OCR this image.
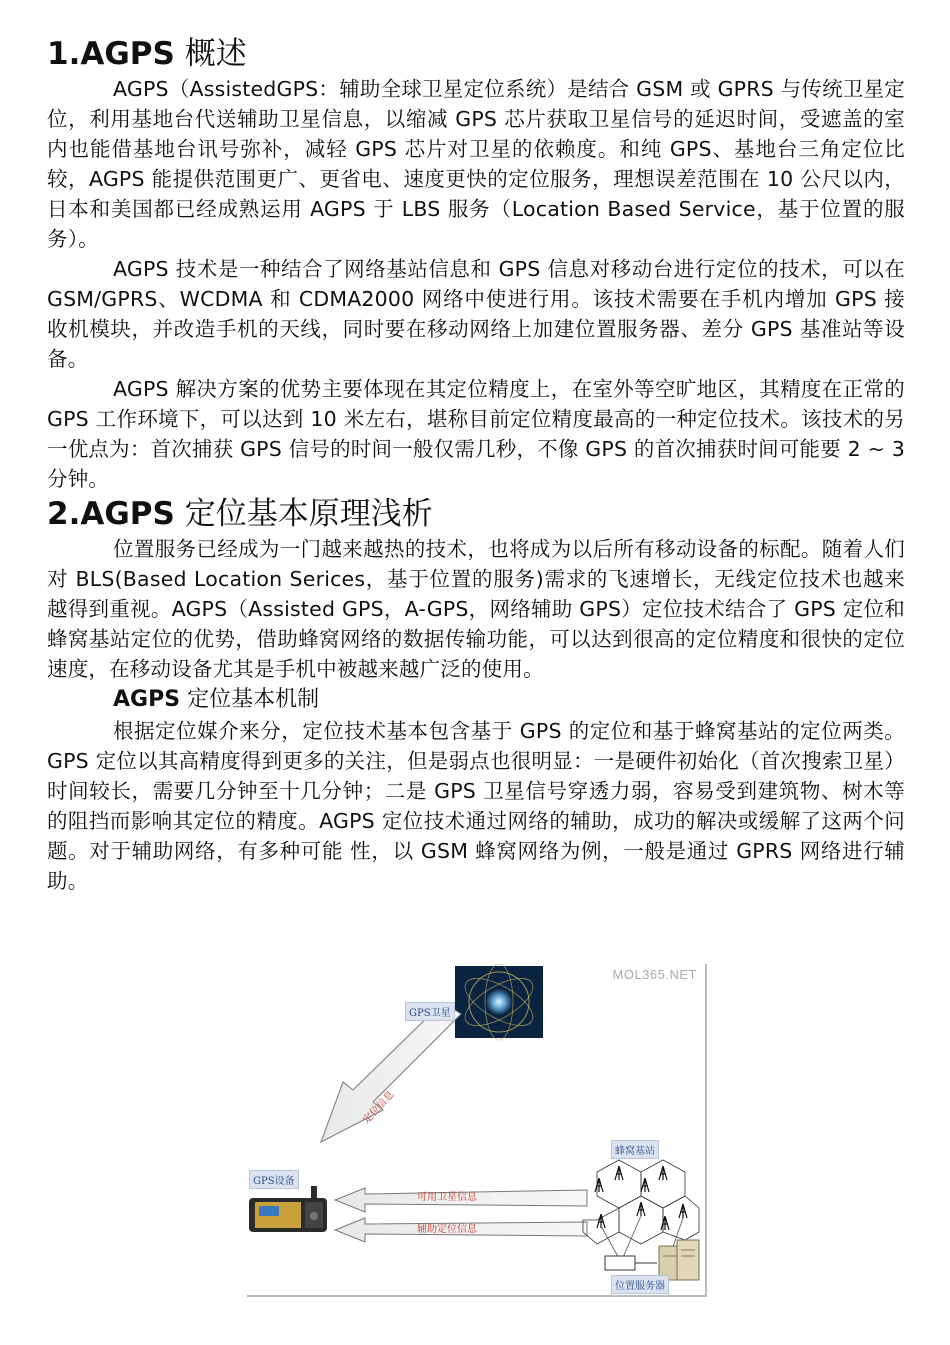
1.AGPS 概述

AGPS（AssistedGPS：辅助全球卫星定位系统）是结合 GSM 或 GPRS 与传统卫星定位，利用基地台代送辅助卫星信息，以缩减 GPS 芯片获取卫星信号的延迟时间，受遮盖的室内也能借基地台讯号弥补，减轻 GPS 芯片对卫星的依赖度。和纯 GPS、基地台三角定位比较，AGPS 能提供范围更广、更省电、速度更快的定位服务，理想误差范围在 10 公尺以内，日本和美国都已经成熟运用 AGPS 于 LBS 服务（Location Based Service，基于位置的服务）。

AGPS 技术是一种结合了网络基站信息和 GPS 信息对移动台进行定位的技术，可以在 GSM/GPRS、WCDMA 和 CDMA2000 网络中使进行用。该技术需要在手机内增加 GPS 接收机模块，并改造手机的天线，同时要在移动网络上加建位置服务器、差分 GPS 基准站等设备。

AGPS 解决方案的优势主要体现在其定位精度上，在室外等空旷地区，其精度在正常的 GPS 工作环境下，可以达到 10 米左右，堪称目前定位精度最高的一种定位技术。该技术的另一优点为：首次捕获 GPS 信号的时间一般仅需几秒，不像 GPS 的首次捕获时间可能要 2 ~ 3 分钟。

2.AGPS 定位基本原理浅析

位置服务已经成为一门越来越热的技术，也将成为以后所有移动设备的标配。随着人们对 BLS(Based Location Serices，基于位置的服务)需求的飞速增长，无线定位技术也越来越得到重视。AGPS（Assisted GPS，A-GPS，网络辅助 GPS）定位技术结合了 GPS 定位和蜂窝基站定位的优势，借助蜂窝网络的数据传输功能，可以达到很高的定位精度和很快的定位 速度，在移动设备尤其是手机中被越来越广泛的使用。

AGPS 定位基本机制

根据定位媒介来分，定位技术基本包含基于 GPS 的定位和基于蜂窝基站的定位两类。GPS 定位以其高精度得到更多的关注，但是弱点也很明显：一是硬件初始化（首次搜索卫星）时间较长，需要几分钟至十几分钟；二是 GPS 卫星信号穿透力弱，容易受到建筑物、树木等的阻挡而影响其定位的精度。AGPS 定位技术通过网络的辅助，成功的解决或缓解了这两个问题。对于辅助网络，有多种可能 性，以 GSM 蜂窝网络为例，一般是通过 GPRS 网络进行辅助。

MOL365.NET
定位信息
可用卫星信息
辅助定位信息
GPS卫星
GPS设备
蜂窝基站
位置服务器
